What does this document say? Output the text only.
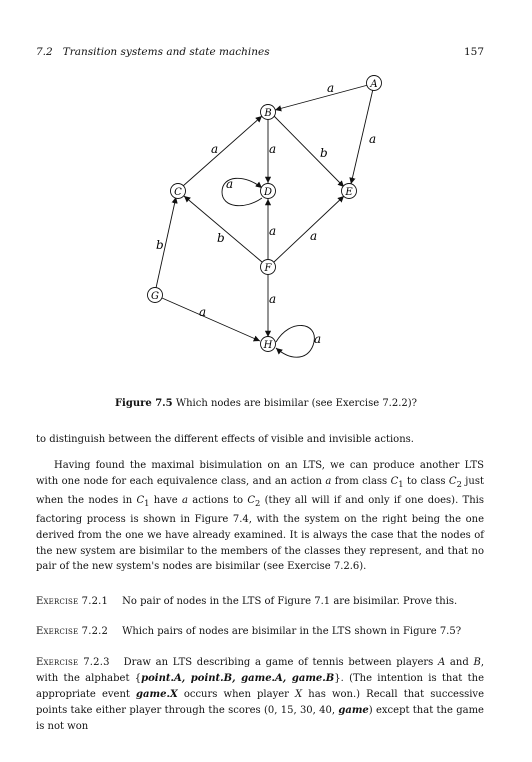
7.2 Transition systems and state machines	157
A
B
C	D	E
F
G
H
a
a
a	a	b
a
b	a	a
b
a
a
a
Figure 7.5 Which nodes are bisimilar (see Exercise 7.2.2)?

to distinguish between the different effects of visible and invisible actions.

Having found the maximal bisimulation on an LTS, we can produce another LTS with one node for each equivalence class, and an action a from class $C_1$ to class $C_2$ just when the nodes in $C_1$ have a actions to $C_2$ (they all will if and only if one does). This factoring process is shown in Figure 7.4, with the system on the right being the one derived from the one we have already examined. It is always the case that the nodes of the new system are bisimilar to the members of the classes they represent, and that no pair of the new system's nodes are bisimilar (see Exercise 7.2.6).

Exercise 7.2.1 No pair of nodes in the LTS of Figure 7.1 are bisimilar. Prove this.

Exercise 7.2.2 Which pairs of nodes are bisimilar in the LTS shown in Figure 7.5?

Exercise 7.2.3 Draw an LTS describing a game of tennis between players A and B, with the alphabet {point.A, point.B, game.A, game.B}. (The intention is that the appropriate event game.X occurs when player X has won.) Recall that successive points take either player through the scores (0, 15, 30, 40, game) except that the game is not won
